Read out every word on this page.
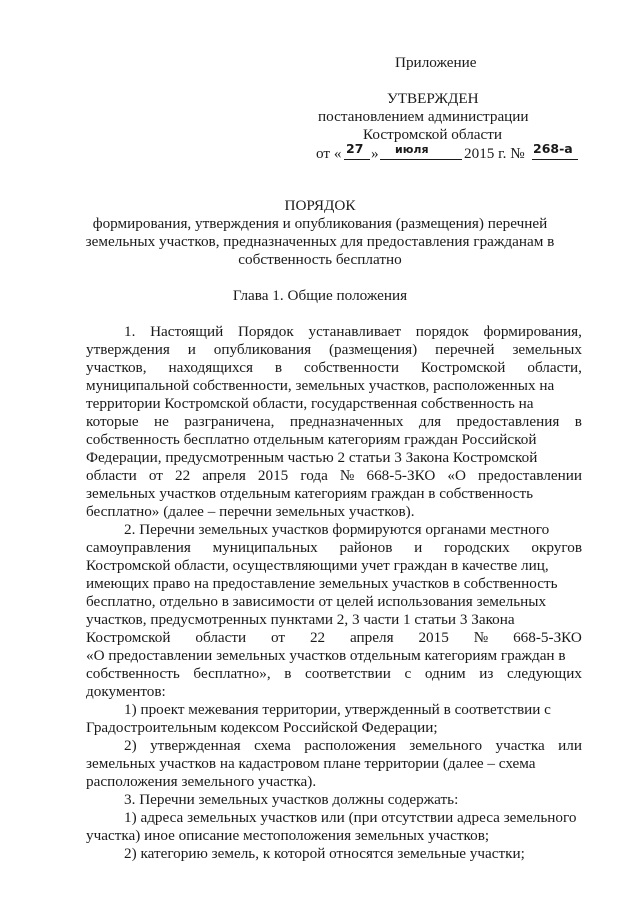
Приложение
УТВЕРЖДЕН
постановлением администрации
Костромской области
от « 27 » июля 2015 г. № 268-а
ПОРЯДОК
формирования, утверждения и опубликования (размещения) перечней
земельных участков, предназначенных для предоставления гражданам в
собственность бесплатно
Глава 1. Общие положения
1. Настоящий Порядок устанавливает порядок формирования,
утверждения и опубликования (размещения) перечней земельных
участков, находящихся в собственности Костромской области,
муниципальной собственности, земельных участков, расположенных на
территории Костромской области, государственная собственность на
которые не разграничена, предназначенных для предоставления в
собственность бесплатно отдельным категориям граждан Российской
Федерации, предусмотренным частью 2 статьи 3 Закона Костромской
области от 22 апреля 2015 года № 668-5-ЗКО «О предоставлении
земельных участков отдельным категориям граждан в собственность
бесплатно» (далее – перечни земельных участков).
2. Перечни земельных участков формируются органами местного
самоуправления муниципальных районов и городских округов
Костромской области, осуществляющими учет граждан в качестве лиц,
имеющих право на предоставление земельных участков в собственность
бесплатно, отдельно в зависимости от целей использования земельных
участков, предусмотренных пунктами 2, 3 части 1 статьи 3 Закона
Костромской области от 22 апреля 2015 № 668-5-ЗКО
«О предоставлении земельных участков отдельным категориям граждан в
собственность бесплатно», в соответствии с одним из следующих
документов:
1) проект межевания территории, утвержденный в соответствии с
Градостроительным кодексом Российской Федерации;
2) утвержденная схема расположения земельного участка или
земельных участков на кадастровом плане территории (далее – схема
расположения земельного участка).
3. Перечни земельных участков должны содержать:
1) адреса земельных участков или (при отсутствии адреса земельного
участка) иное описание местоположения земельных участков;
2) категорию земель, к которой относятся земельные участки;
